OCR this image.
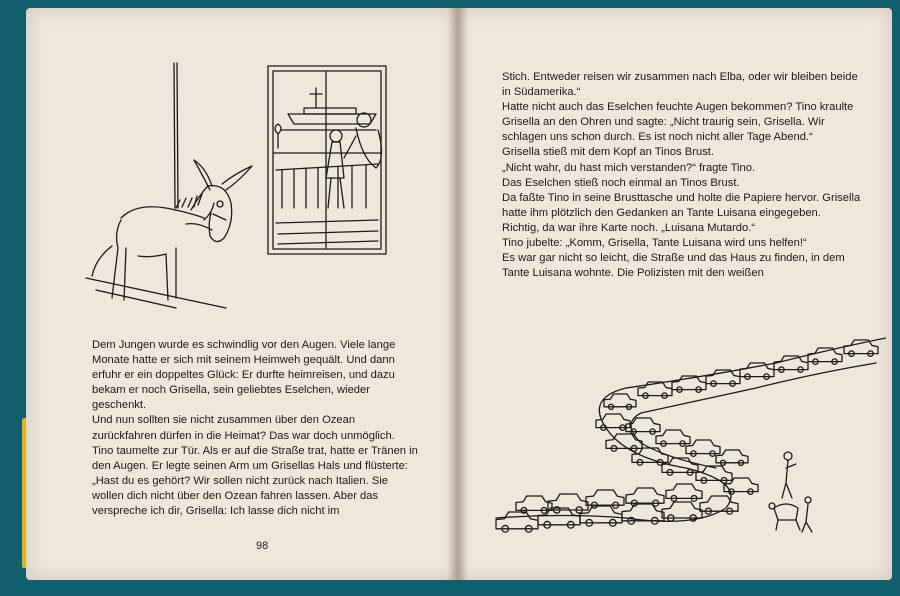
Dem Jungen wurde es schwindlig vor den Augen. Viele lange Monate hatte er sich mit seinem Heimweh gequält. Und dann erfuhr er ein doppeltes Glück: Er durfte heimreisen, und dazu bekam er noch Grisella, sein geliebtes Eselchen, wieder geschenkt.

Und nun sollten sie nicht zusammen über den Ozean zurückfahren dürfen in die Heimat? Das war doch unmöglich.

Tino taumelte zur Tür. Als er auf die Straße trat, hatte er Tränen in den Augen. Er legte seinen Arm um Grisellas Hals und flüsterte: „Hast du es gehört? Wir sollen nicht zurück nach Italien. Sie wollen dich nicht über den Ozean fahren lassen. Aber das verspreche ich dir, Grisella: Ich lasse dich nicht im

98

Stich. Entweder reisen wir zusammen nach Elba, oder wir bleiben beide in Südamerika.“

Hatte nicht auch das Eselchen feuchte Augen bekommen? Tino kraulte Grisella an den Ohren und sagte: „Nicht traurig sein, Grisella. Wir schlagen uns schon durch. Es ist noch nicht aller Tage Abend.“

Grisella stieß mit dem Kopf an Tinos Brust.

„Nicht wahr, du hast mich verstanden?“ fragte Tino.

Das Eselchen stieß noch einmal an Tinos Brust.

Da faßte Tino in seine Brusttasche und holte die Papiere hervor. Grisella hatte ihm plötzlich den Gedanken an Tante Luisana eingegeben.

Richtig, da war ihre Karte noch. „Luisana Mutardo.“

Tino jubelte: „Komm, Grisella, Tante Luisana wird uns helfen!“

Es war gar nicht so leicht, die Straße und das Haus zu finden, in dem Tante Luisana wohnte. Die Polizisten mit den weißen
